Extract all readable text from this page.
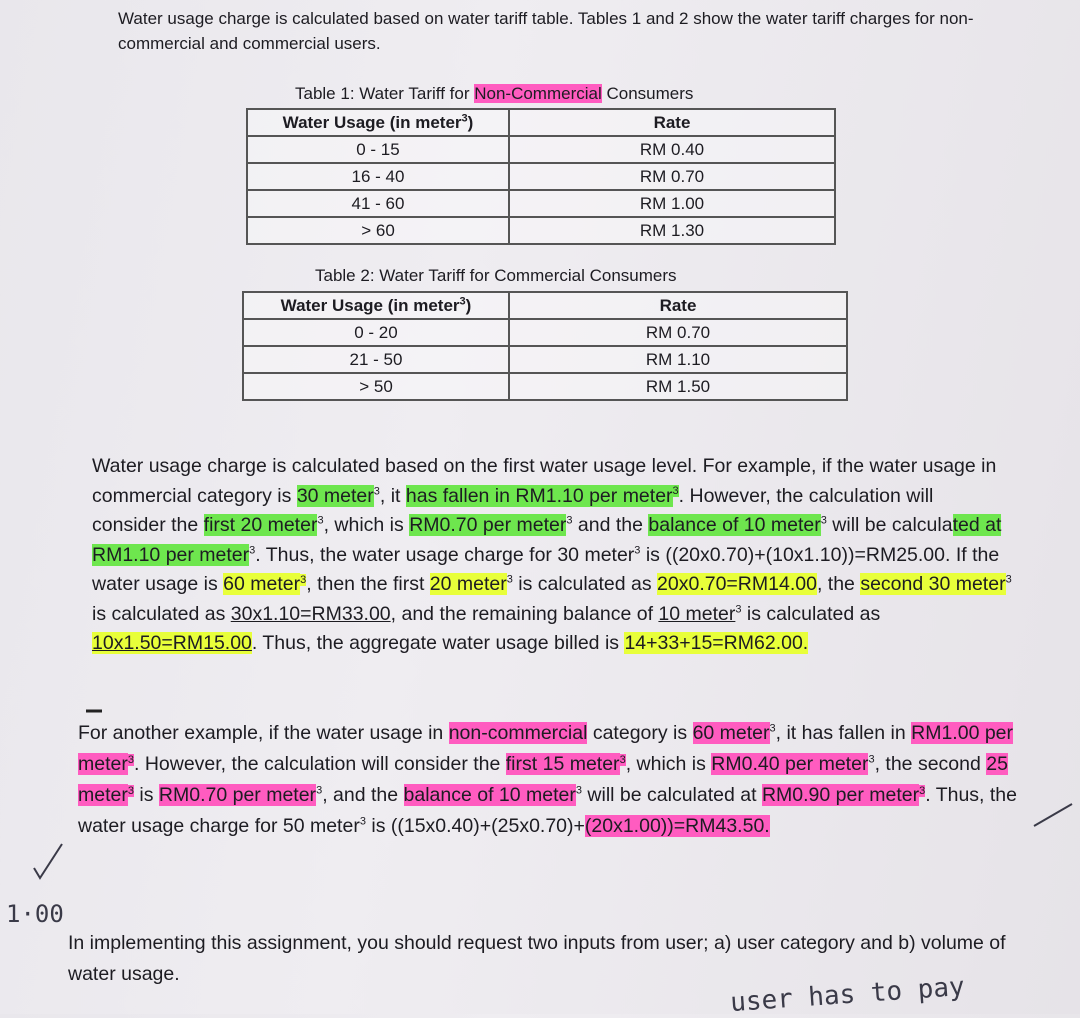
Water usage charge is calculated based on water tariff table. Tables 1 and 2 show the water tariff charges for non-commercial and commercial users.
Table 1: Water Tariff for Non-Commercial Consumers
Water Usage (in meter$^3$)	Rate
0 - 15	RM 0.40
16 - 40	RM 0.70
41 - 60	RM 1.00
> 60	RM 1.30
Table 2: Water Tariff for Commercial Consumers
Water Usage (in meter$^3$)	Rate
0 - 20	RM 0.70
21 - 50	RM 1.10
> 50	RM 1.50
Water usage charge is calculated based on the first water usage level. For example, if the water usage in commercial category is 30 meter$^3$, it has fallen in RM1.10 per meter$^3$. However, the calculation will consider the first 20 meter$^3$, which is RM0.70 per meter$^3$ and the balance of 10 meter$^3$ will be calculated at RM1.10 per meter$^3$. Thus, the water usage charge for 30 meter$^3$ is ((20x0.70)+(10x1.10))=RM25.00. If the water usage is 60 meter$^3$, then the first 20 meter$^3$ is calculated as 20x0.70=RM14.00, the second 30 meter$^3$ is calculated as 30x1.10=RM33.00, and the remaining balance of 10 meter$^3$ is calculated as 10x1.50=RM15.00. Thus, the aggregate water usage billed is 14+33+15=RM62.00.
For another example, if the water usage in non-commercial category is 60 meter$^3$, it has fallen in RM1.00 per meter$^3$. However, the calculation will consider the first 15 meter$^3$, which is RM0.40 per meter$^3$, the second 25 meter$^3$ is RM0.70 per meter$^3$, and the balance of 10 meter$^3$ will be calculated at RM0.90 per meter$^3$. Thus, the water usage charge for 50 meter$^3$ is ((15x0.40)+(25x0.70)+(20x1.00))=RM43.50.
In implementing this assignment, you should request two inputs from user; a) user category and b) volume of water usage.
1·00
user has to pay
